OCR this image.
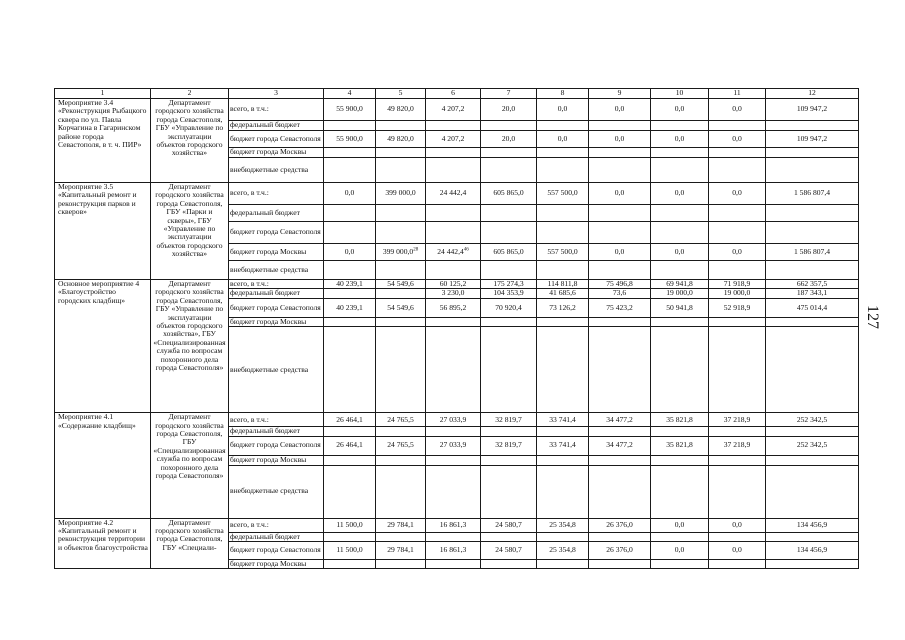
1	2	3	4	5	6	7	8	9	10	11	12
Мероприятие 3.4 «Реконструкция Рыбацкого сквера по ул. Павла Корчагина в Гагаринском районе города Севастополя, в т. ч. ПИР»	Департамент городского хозяйства города Севастополя, ГБУ «Управление по эксплуатации объектов городского хозяйства»	всего, в т.ч.:	55 900,0	49 820,0	4 207,2	20,0	0,0	0,0	0,0	0,0	109 947,2
		федеральный бюджет									
		бюджет города Севастополя	55 900,0	49 820,0	4 207,2	20,0	0,0	0,0	0,0	0,0	109 947,2
		бюджет города Москвы									
		внебюджетные средства									
Мероприятие 3.5 «Капитальный ремонт и реконструкция парков и скверов»	Департамент городского хозяйства города Севастополя, ГБУ «Парки и скверы», ГБУ «Управление по эксплуатации объектов городского хозяйства»	всего, в т.ч.:	0,0	399 000,0	24 442,4	605 865,0	557 500,0	0,0	0,0	0,0	1 586 807,4
		федеральный бюджет									
		бюджет города Севастополя									
		бюджет города Москвы	0,0	399 000,0$^{28}$	24 442,4$^{46}$	605 865,0	557 500,0	0,0	0,0	0,0	1 586 807,4
		внебюджетные средства									
Основное мероприятие 4 «Благоустройство городских кладбищ»	Департамент городского хозяйства города Севастополя, ГБУ «Управление по эксплуатации объектов городского хозяйства», ГБУ «Специализированная служба по вопросам похоронного дела города Севастополя»	всего, в т.ч.:	40 239,1	54 549,6	60 125,2	175 274,3	114 811,8	75 496,8	69 941,8	71 918,9	662 357,5
		федеральный бюджет			3 230,0	104 353,9	41 685,6	73,6	19 000,0	19 000,0	187 343,1
		бюджет города Севастополя	40 239,1	54 549,6	56 895,2	70 920,4	73 126,2	75 423,2	50 941,8	52 918,9	475 014,4
		бюджет города Москвы									
		внебюджетные средства									
Мероприятие 4.1 «Содержание кладбищ»	Департамент городского хозяйства города Севастополя, ГБУ «Специализированная служба по вопросам похоронного дела города Севастополя»	всего, в т.ч.:	26 464,1	24 765,5	27 033,9	32 819,7	33 741,4	34 477,2	35 821,8	37 218,9	252 342,5
		федеральный бюджет									
		бюджет города Севастополя	26 464,1	24 765,5	27 033,9	32 819,7	33 741,4	34 477,2	35 821,8	37 218,9	252 342,5
		бюджет города Москвы									
		внебюджетные средства									
Мероприятие 4.2 «Капитальный ремонт и реконструкция территории и объектов благоустройства	Департамент городского хозяйства города Севастополя, ГБУ «Специали-	всего, в т.ч.:	11 500,0	29 784,1	16 861,3	24 580,7	25 354,8	26 376,0	0,0	0,0	134 456,9
		федеральный бюджет									
		бюджет города Севастополя	11 500,0	29 784,1	16 861,3	24 580,7	25 354,8	26 376,0	0,0	0,0	134 456,9
		бюджет города Москвы									
127
